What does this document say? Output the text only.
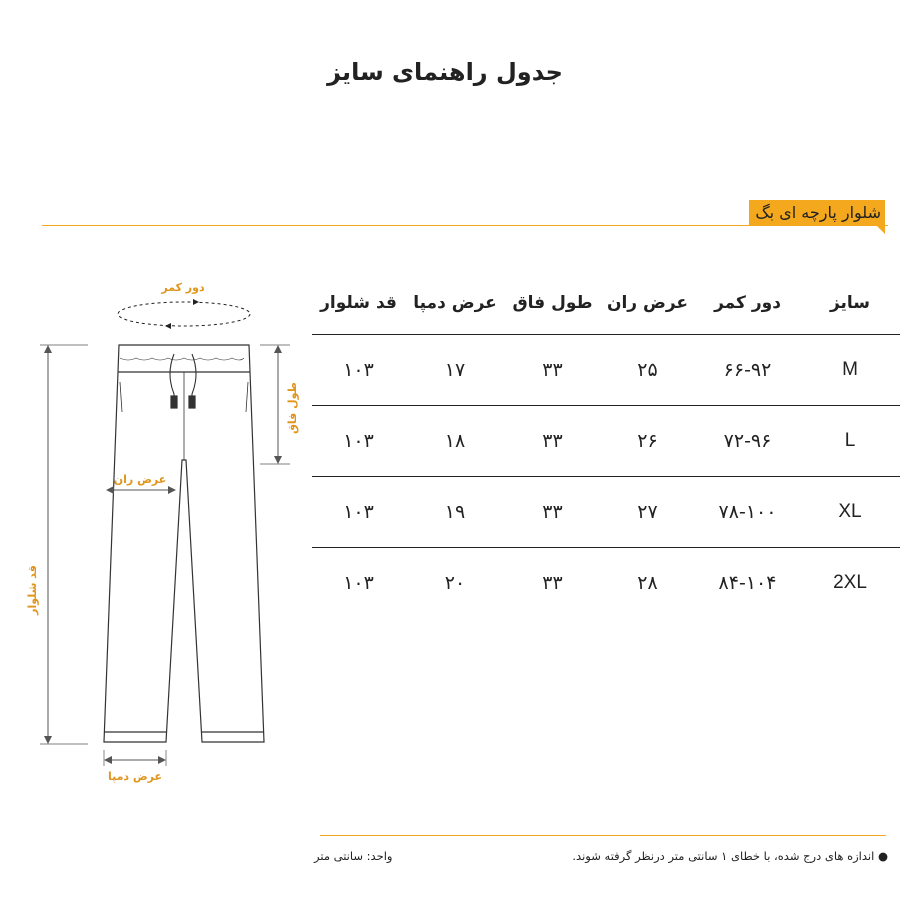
جدول راهنمای سایز
شلوار پارچه ای بگ
دور کمر
قد شلوار
طول فاق
عرض ران
عرض دمپا
سایز	دور کمر	عرض ران	طول فاق	عرض دمپا	قد شلوار
M	۶۶-۹۲	۲۵	۳۳	۱۷	۱۰۳
L	۷۲-۹۶	۲۶	۳۳	۱۸	۱۰۳
XL	۷۸-۱۰۰	۲۷	۳۳	۱۹	۱۰۳
2XL	۸۴-۱۰۴	۲۸	۳۳	۲۰	۱۰۳
● اندازه های درج شده، با خطای ۱ سانتی متر درنظر گرفته شوند.
واحد: سانتی متر
